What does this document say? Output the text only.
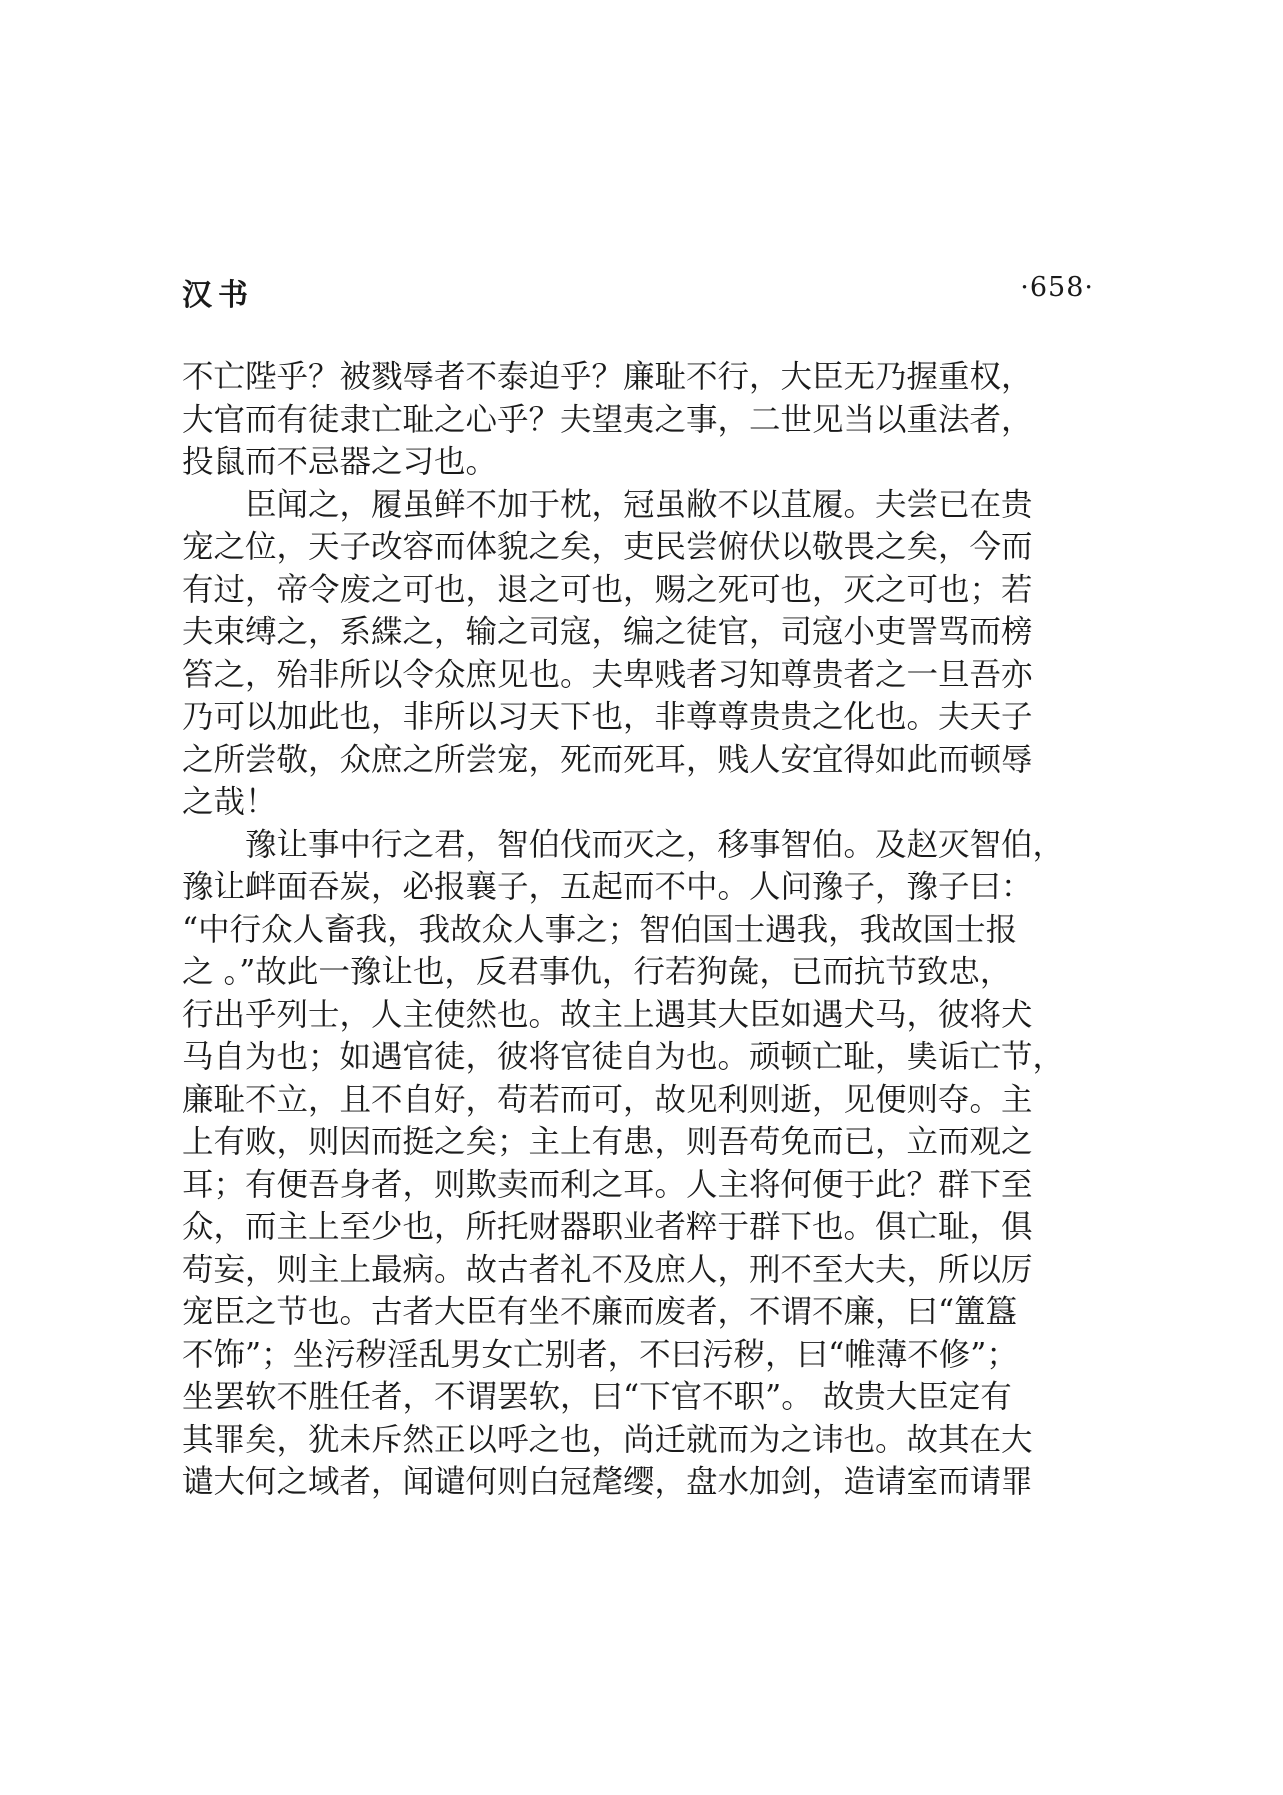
汉书	·658·
不亡陛乎？被戮辱者不泰迫乎？廉耻不行，大臣无乃握重权，
大官而有徒隶亡耻之心乎？夫望夷之事，二世见当以重法者，
投鼠而不忌器之习也。
　　臣闻之，履虽鲜不加于枕，冠虽敝不以苴履。夫尝已在贵
宠之位，天子改容而体貌之矣，吏民尝俯伏以敬畏之矣，今而
有过，帝令废之可也，退之可也，赐之死可也，灭之可也；若
夫束缚之，系緤之，输之司寇，编之徒官，司寇小吏詈骂而榜
笞之，殆非所以令众庶见也。夫卑贱者习知尊贵者之一旦吾亦
乃可以加此也，非所以习天下也，非尊尊贵贵之化也。夫天子
之所尝敬，众庶之所尝宠，死而死耳，贱人安宜得如此而顿辱
之哉！
　　豫让事中行之君，智伯伐而灭之，移事智伯。及赵灭智伯，
豫让衅面吞炭，必报襄子，五起而不中。人问豫子，豫子曰：
“中行众人畜我，我故众人事之；智伯国士遇我，我故国士报
之 。”故此一豫让也，反君事仇，行若狗彘，已而抗节致忠，
行出乎列士，人主使然也。故主上遇其大臣如遇犬马，彼将犬
马自为也；如遇官徒，彼将官徒自为也。顽顿亡耻，奊诟亡节，
廉耻不立，且不自好，苟若而可，故见利则逝，见便则夺。主
上有败，则因而挺之矣；主上有患，则吾苟免而已，立而观之
耳；有便吾身者，则欺卖而利之耳。人主将何便于此？群下至
众，而主上至少也，所托财器职业者粹于群下也。俱亡耻，俱
苟妄，则主上最病。故古者礼不及庶人，刑不至大夫，所以厉
宠臣之节也。古者大臣有坐不廉而废者，不谓不廉，曰“簠簋
不饰”；坐污秽淫乱男女亡别者，不曰污秽，曰“帷薄不修”；
坐罢软不胜任者，不谓罢软，曰“下官不职”。 故贵大臣定有
其罪矣，犹未斥然正以呼之也，尚迁就而为之讳也。故其在大
谴大何之域者，闻谴何则白冠氂缨，盘水加剑，造请室而请罪
